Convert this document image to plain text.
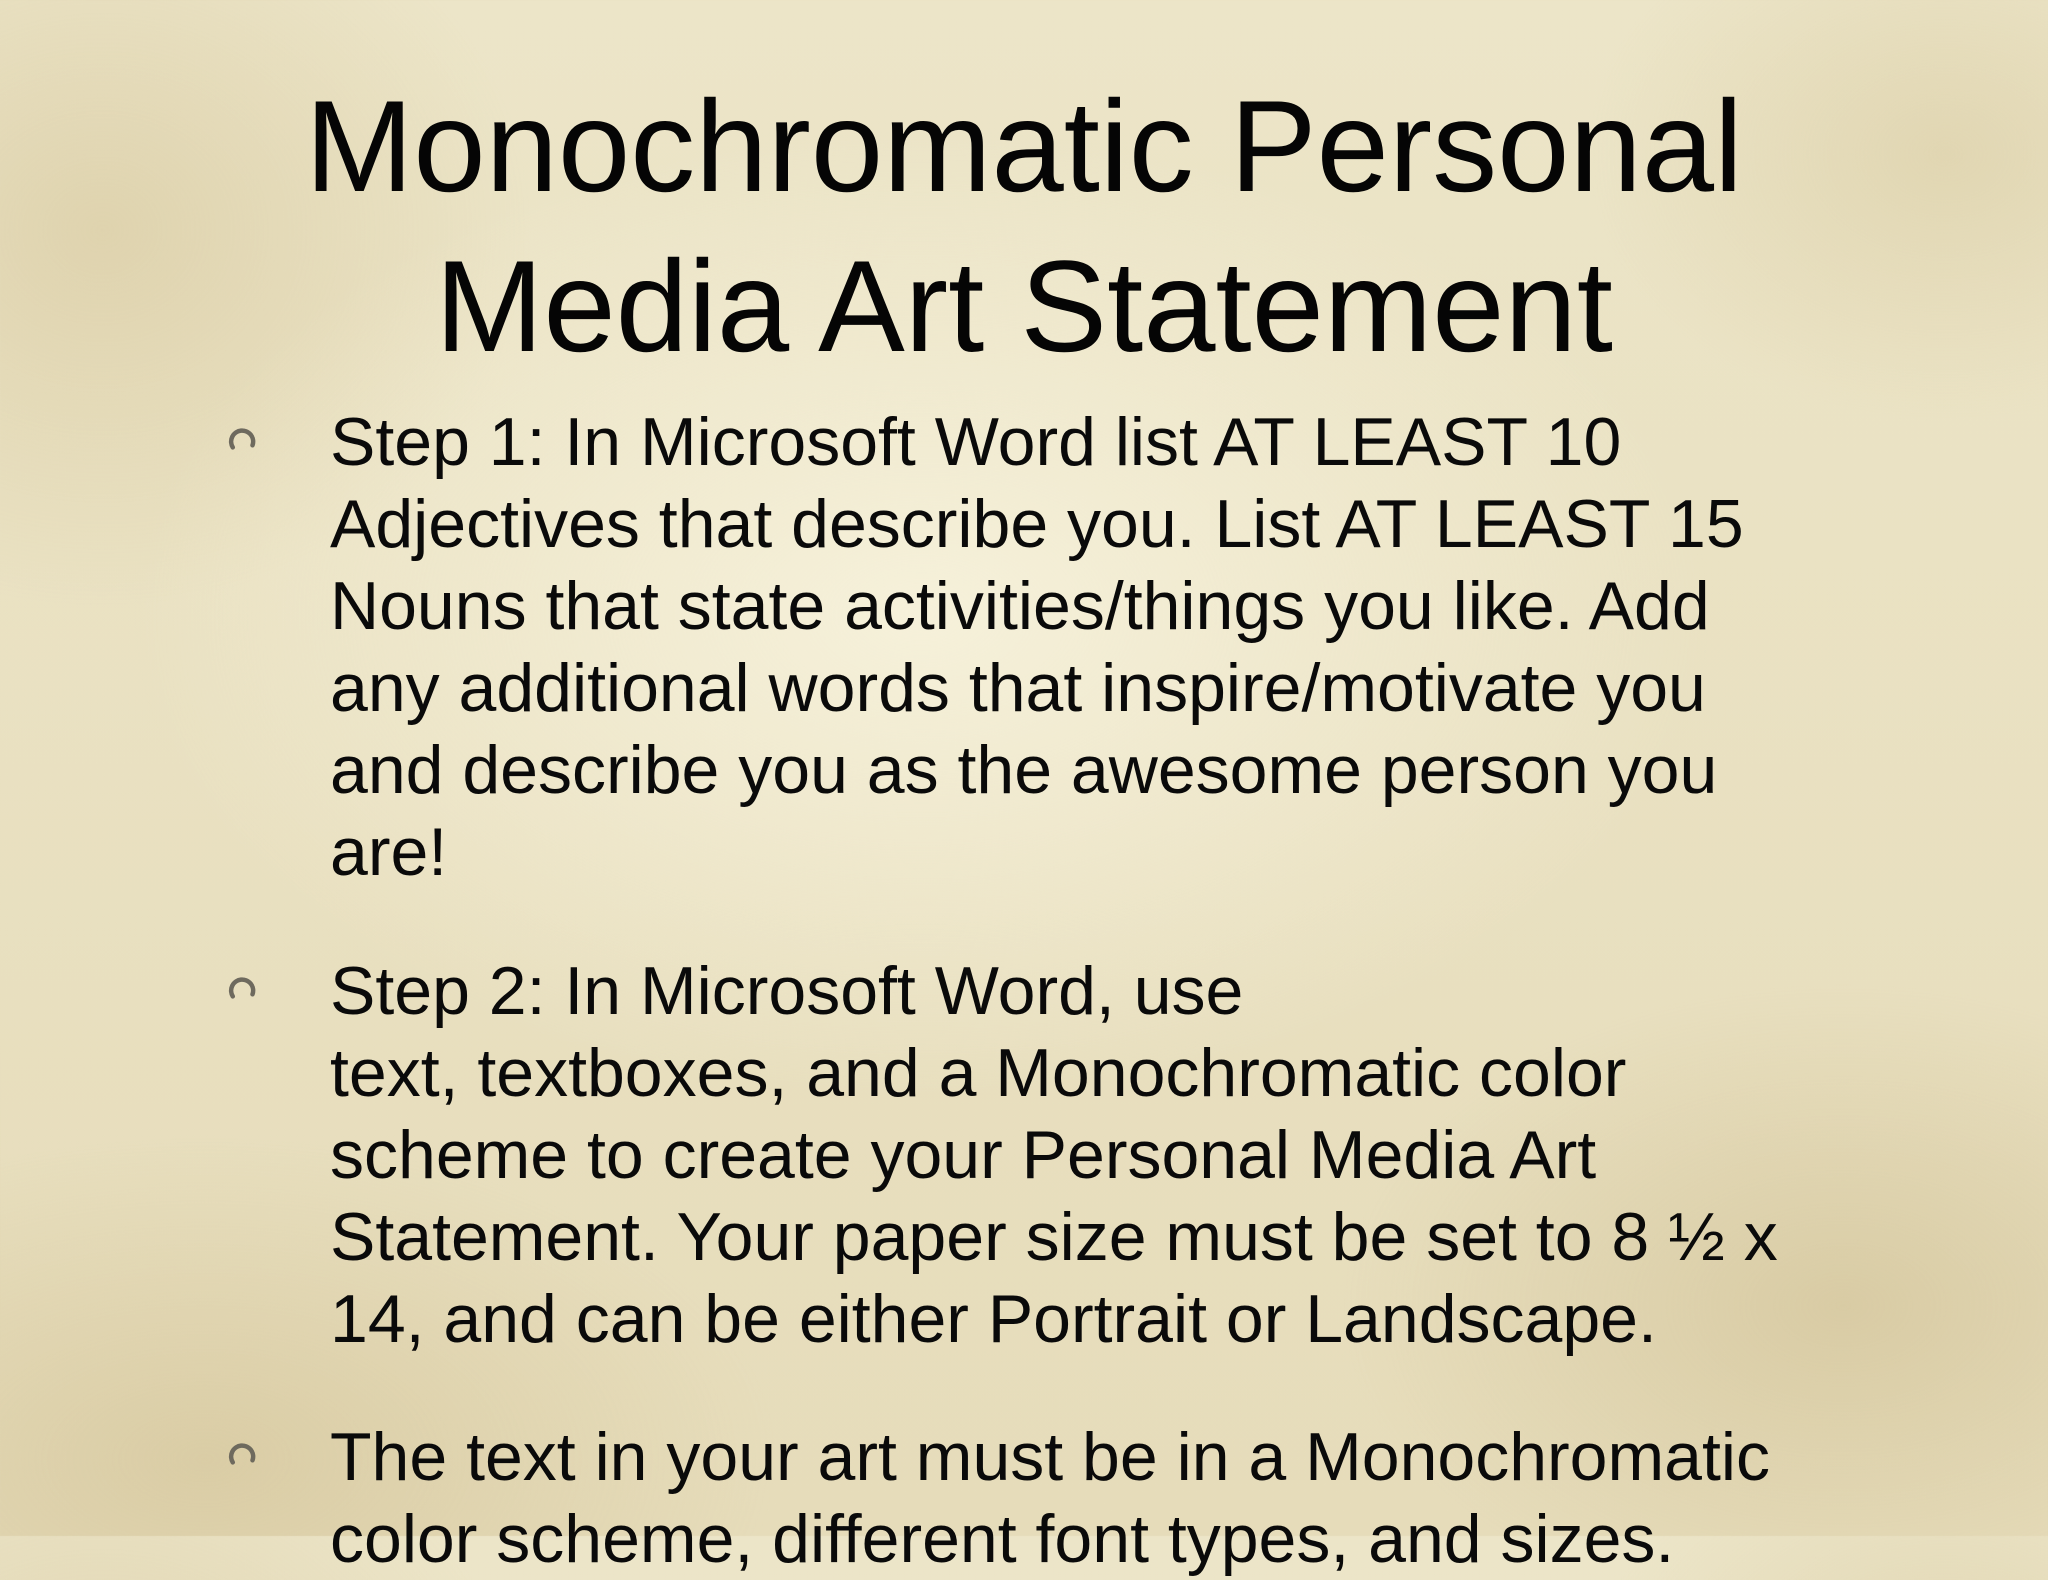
Monochromatic Personal
Media Art Statement
Step 1: In Microsoft Word list AT LEAST 10
Adjectives that describe you. List AT LEAST 15
Nouns that state activities/things you like. Add
any additional words that inspire/motivate you
and describe you as the awesome person you
are!
Step 2: In Microsoft Word, use
text, textboxes, and a Monochromatic color
scheme to create your Personal Media Art
Statement. Your paper size must be set to 8 ½ x
14, and can be either Portrait or Landscape.
The text in your art must be in a Monochromatic
color scheme, different font types, and sizes.
